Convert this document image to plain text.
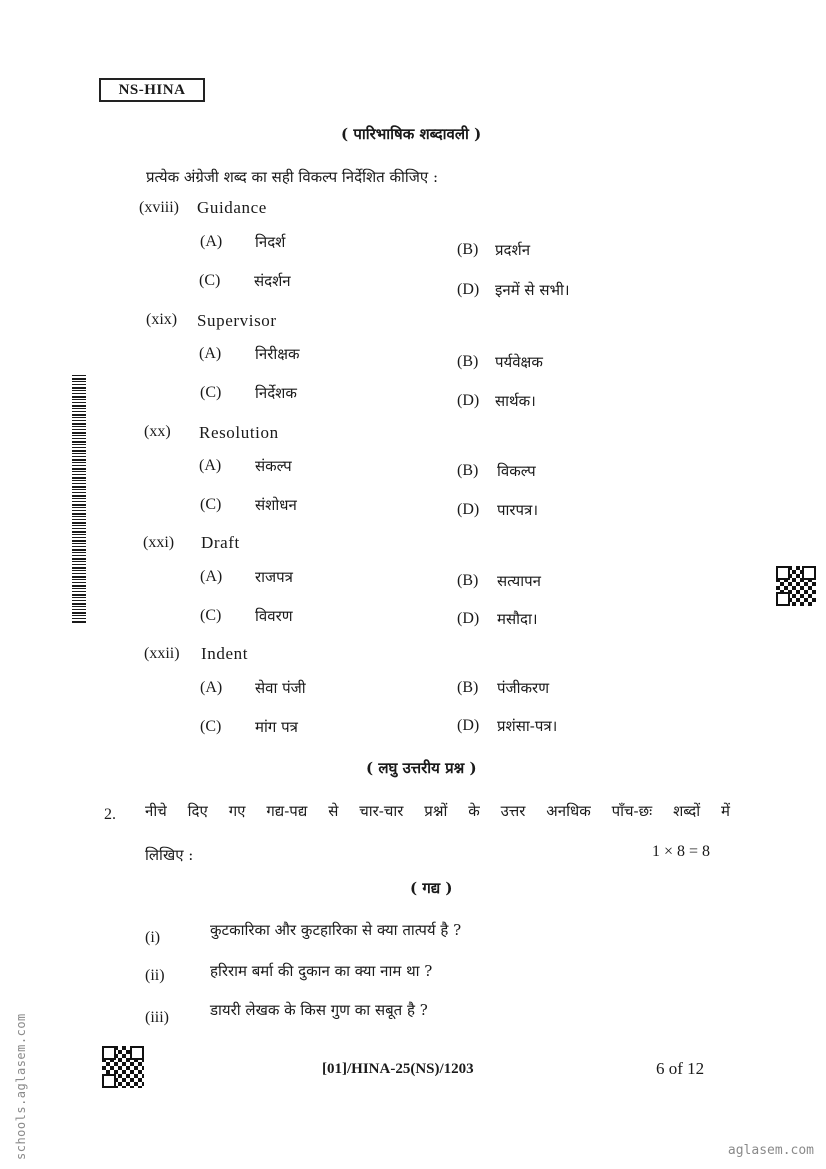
NS-HINA
( पारिभाषिक शब्दावली )
प्रत्येक अंग्रेजी शब्द का सही विकल्प निर्देशित कीजिए :
(xviii) Guidance
(A) निदर्श	(B) प्रदर्शन
(C) संदर्शन	(D) इनमें से सभी।
(xix) Supervisor
(A) निरीक्षक	(B) पर्यवेक्षक
(C) निर्देशक	(D) सार्थक।
(xx) Resolution
(A) संकल्प	(B) विकल्प
(C) संशोधन	(D) पारपत्र।
(xxi) Draft
(A) राजपत्र	(B) सत्यापन
(C) विवरण	(D) मसौदा।
(xxii) Indent
(A) सेवा पंजी	(B) पंजीकरण
(C) मांग पत्र	(D) प्रशंसा-पत्र।
( लघु उत्तरीय प्रश्न )
2. नीचे दिए गए गद्य-पद्य से चार-चार प्रश्नों के उत्तर अनधिक पाँच-छः शब्दों में
लिखिए :	1 × 8 = 8
( गद्य )
(i)	कुटकारिका और कुटहारिका से क्या तात्पर्य है ?
(ii)	हरिराम बर्मा की दुकान का क्या नाम था ?
(iii)	डायरी लेखक के किस गुण का सबूत है ?
[01]/HINA-25(NS)/1203	6 of 12
schools.aglasem.com	aglasem.com
